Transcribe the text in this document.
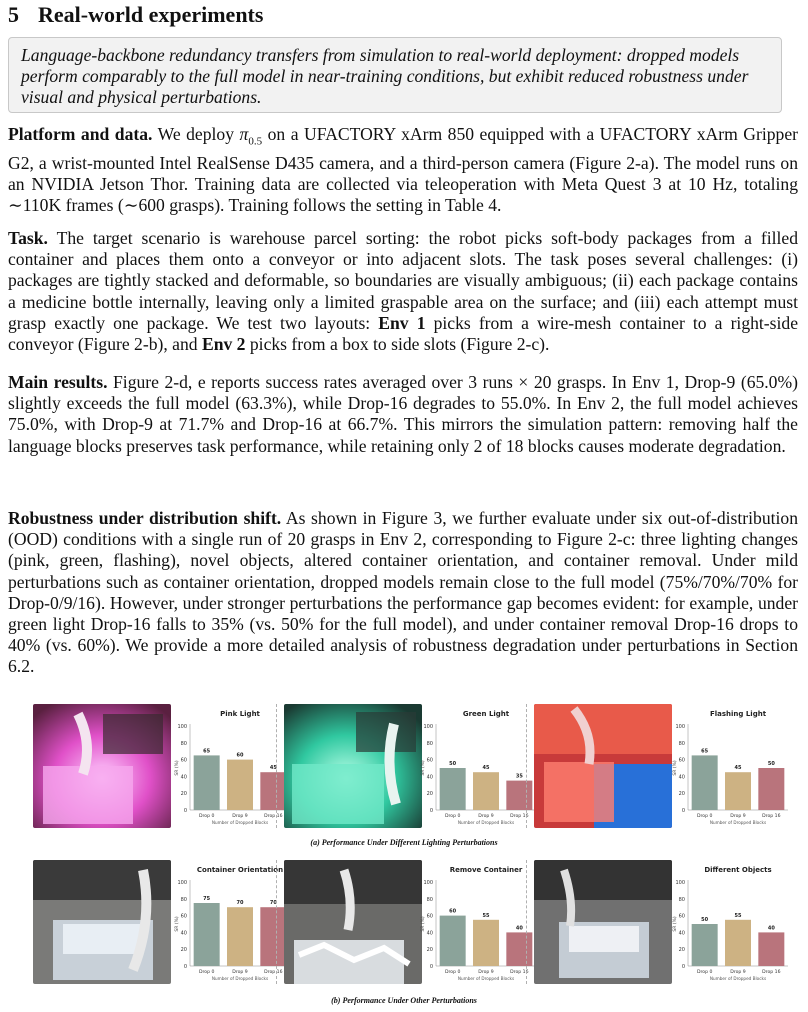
5 Real-world experiments
Language-backbone redundancy transfers from simulation to real-world deployment: dropped models perform comparably to the full model in near-training conditions, but exhibit reduced robustness under visual and physical perturbations.
Platform and data. We deploy $\pi_{0.5}$ on a UFACTORY xArm 850 equipped with a UFACTORY xArm Gripper G2, a wrist-mounted Intel RealSense D435 camera, and a third-person camera (Figure 2-a). The model runs on an NVIDIA Jetson Thor. Training data are collected via teleoperation with Meta Quest 3 at 10 Hz, totaling ∼110K frames (∼600 grasps). Training follows the setting in Table 4.
Task. The target scenario is warehouse parcel sorting: the robot picks soft-body packages from a filled container and places them onto a conveyor or into adjacent slots. The task poses several challenges: (i) packages are tightly stacked and deformable, so boundaries are visually ambiguous; (ii) each package contains a medicine bottle internally, leaving only a limited graspable area on the surface; and (iii) each attempt must grasp exactly one package. We test two layouts: Env 1 picks from a wire-mesh container to a right-side conveyor (Figure 2-b), and Env 2 picks from a box to side slots (Figure 2-c).
Main results. Figure 2-d, e reports success rates averaged over 3 runs × 20 grasps. In Env 1, Drop-9 (65.0%) slightly exceeds the full model (63.3%), while Drop-16 degrades to 55.0%. In Env 2, the full model achieves 75.0%, with Drop-9 at 71.7% and Drop-16 at 66.7%. This mirrors the simulation pattern: removing half the language blocks preserves task performance, while retaining only 2 of 18 blocks causes moderate degradation.
Robustness under distribution shift. As shown in Figure 3, we further evaluate under six out-of-distribution (OOD) conditions with a single run of 20 grasps in Env 2, corresponding to Figure 2-c: three lighting changes (pink, green, flashing), novel objects, altered container orientation, and container removal. Under mild perturbations such as container orientation, dropped models remain close to the full model (75%/70%/70% for Drop-0/9/16). However, under stronger perturbations the performance gap becomes evident: for example, under green light Drop-16 falls to 35% (vs. 50% for the full model), and under container removal Drop-16 drops to 40% (vs. 60%). We provide a more detailed analysis of robustness degradation under perturbations in Section 6.2.
Pink Light
0
20
40
60
80
100
SR (%)
65
Drop 0
60
Drop 9
45
Drop 16
Number of Dropped Blocks
Green Light
0
20
40
60
80
100
SR (%)	50
Drop 0
45
Drop 9
35
Drop 16
Number of Dropped Blocks
Flashing Light
0
20
40
60
80
100
SR (%)
65
Drop 0
45
Drop 9
50
Drop 16
Number of Dropped Blocks
(a) Performance Under Different Lighting Perturbations
Container Orientation
0
20
40
60
80
100
SR (%)
75
Drop 0
70
Drop 9
70
Drop 16
Number of Dropped Blocks
Remove Container
0
20
40
60
80
100
SR (%)
60
Drop 0
55
Drop 9
40
Drop 16
Number of Dropped Blocks
Different Objects
0
20
40
60
80
100
SR (%)	50
Drop 0
55
Drop 9
40
Drop 16
Number of Dropped Blocks
(b) Performance Under Other Perturbations
